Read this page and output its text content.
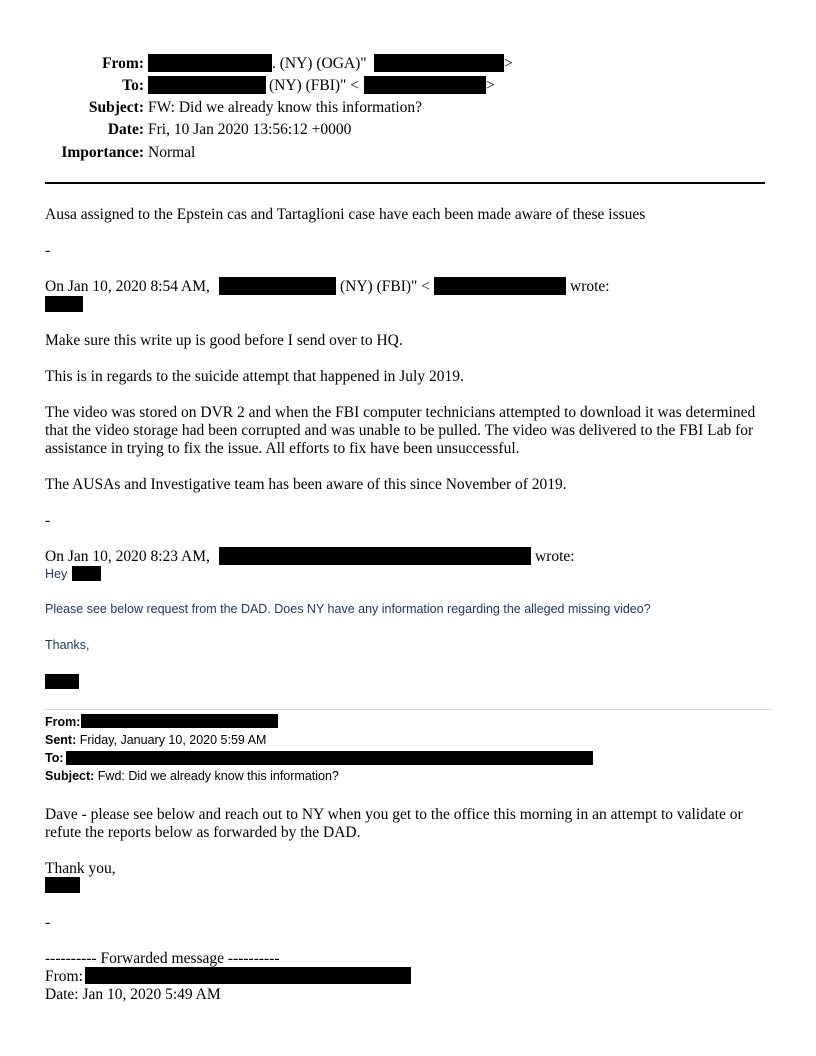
From:	. (NY) (OGA)"	>
To:	(NY) (FBI)" <	>
Subject: FW: Did we already know this information?
Date: Fri, 10 Jan 2020 13:56:12 +0000
Importance: Normal
Ausa assigned to the Epstein cas and Tartaglioni case have each been made aware of these issues
-
On Jan 10, 2020 8:54 AM,	(NY) (FBI)" <	wrote:
Make sure this write up is good before I send over to HQ.
This is in regards to the suicide attempt that happened in July 2019.
The video was stored on DVR 2 and when the FBI computer technicians attempted to download it was determined that the video storage had been corrupted and was unable to be pulled. The video was delivered to the FBI Lab for assistance in trying to fix the issue. All efforts to fix have been unsuccessful.
The AUSAs and Investigative team has been aware of this since November of 2019.
-
On Jan 10, 2020 8:23 AM,	wrote:
Hey
Please see below request from the DAD. Does NY have any information regarding the alleged missing video?
Thanks,
From:
Sent: Friday, January 10, 2020 5:59 AM
To:
Subject: Fwd: Did we already know this information?
Dave - please see below and reach out to NY when you get to the office this morning in an attempt to validate or refute the reports below as forwarded by the DAD.
Thank you,
-
---------- Forwarded message ----------
From:
Date: Jan 10, 2020 5:49 AM
